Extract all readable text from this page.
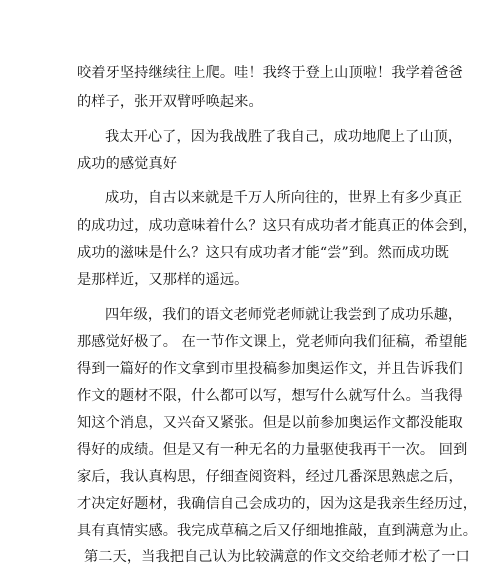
咬着牙坚持继续往上爬。哇！我终于登上山顶啦！我学着爸爸
的样子，张开双臂呼唤起来。
我太开心了，因为我战胜了我自己，成功地爬上了山顶，
成功的感觉真好
成功，自古以来就是千万人所向往的，世界上有多少真正
的成功过，成功意味着什么？这只有成功者才能真正的体会到，
成功的滋味是什么？这只有成功者才能“尝”到。然而成功既
是那样近，又那样的遥远。
四年级，我们的语文老师党老师就让我尝到了成功乐趣，
那感觉好极了。 在一节作文课上，党老师向我们征稿，希望能
得到一篇好的作文拿到市里投稿参加奥运作文，并且告诉我们
作文的题材不限，什么都可以写，想写什么就写什么。当我得
知这个消息，又兴奋又紧张。但是以前参加奥运作文都没能取
得好的成绩。但是又有一种无名的力量驱使我再干一次。 回到
家后，我认真构思，仔细查阅资料，经过几番深思熟虑之后，
才决定好题材，我确信自己会成功的，因为这是我亲生经历过，
具有真情实感。我完成草稿之后又仔细地推敲，直到满意为止。
第二天，当我把自己认为比较满意的作文交给老师才松了一口
